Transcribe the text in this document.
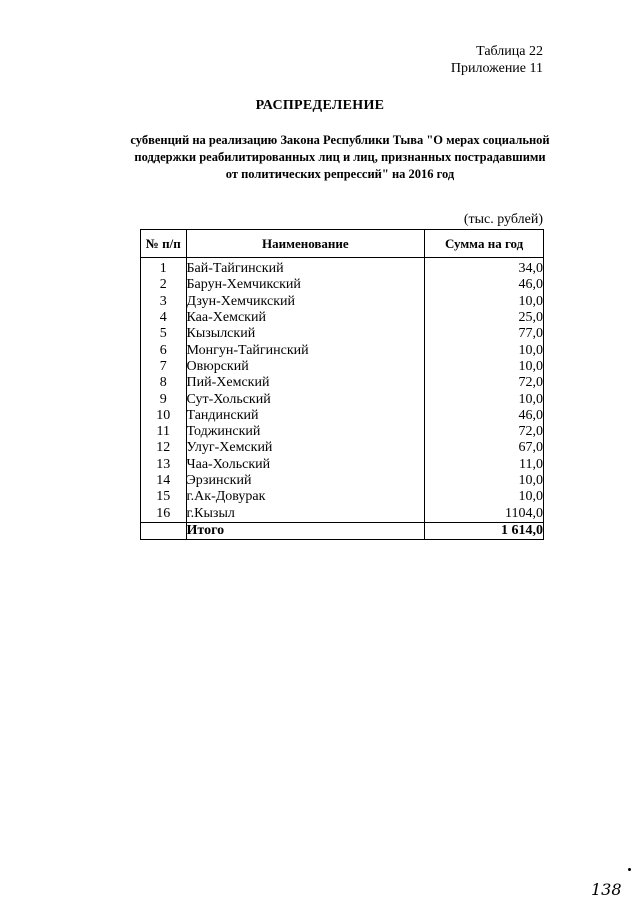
Таблица 22
Приложение 11
РАСПРЕДЕЛЕНИЕ
субвенций на реализацию Закона Республики Тыва "О мерах социальной
поддержки реабилитированных лиц и лиц, признанных пострадавшими
от политических репрессий" на 2016 год
(тыс. рублей)
№ п/п	Наименование	Сумма на год
1	Бай-Тайгинский	34,0
2	Барун-Хемчикский	46,0
3	Дзун-Хемчикский	10,0
4	Каа-Хемский	25,0
5	Кызылский	77,0
6	Монгун-Тайгинский	10,0
7	Овюрский	10,0
8	Пий-Хемский	72,0
9	Сут-Хольский	10,0
10	Тандинский	46,0
11	Тоджинский	72,0
12	Улуг-Хемский	67,0
13	Чаа-Хольский	11,0
14	Эрзинский	10,0
15	г.Ак-Довурак	10,0
16	г.Кызыл	1104,0
	Итого	1 614,0
138
